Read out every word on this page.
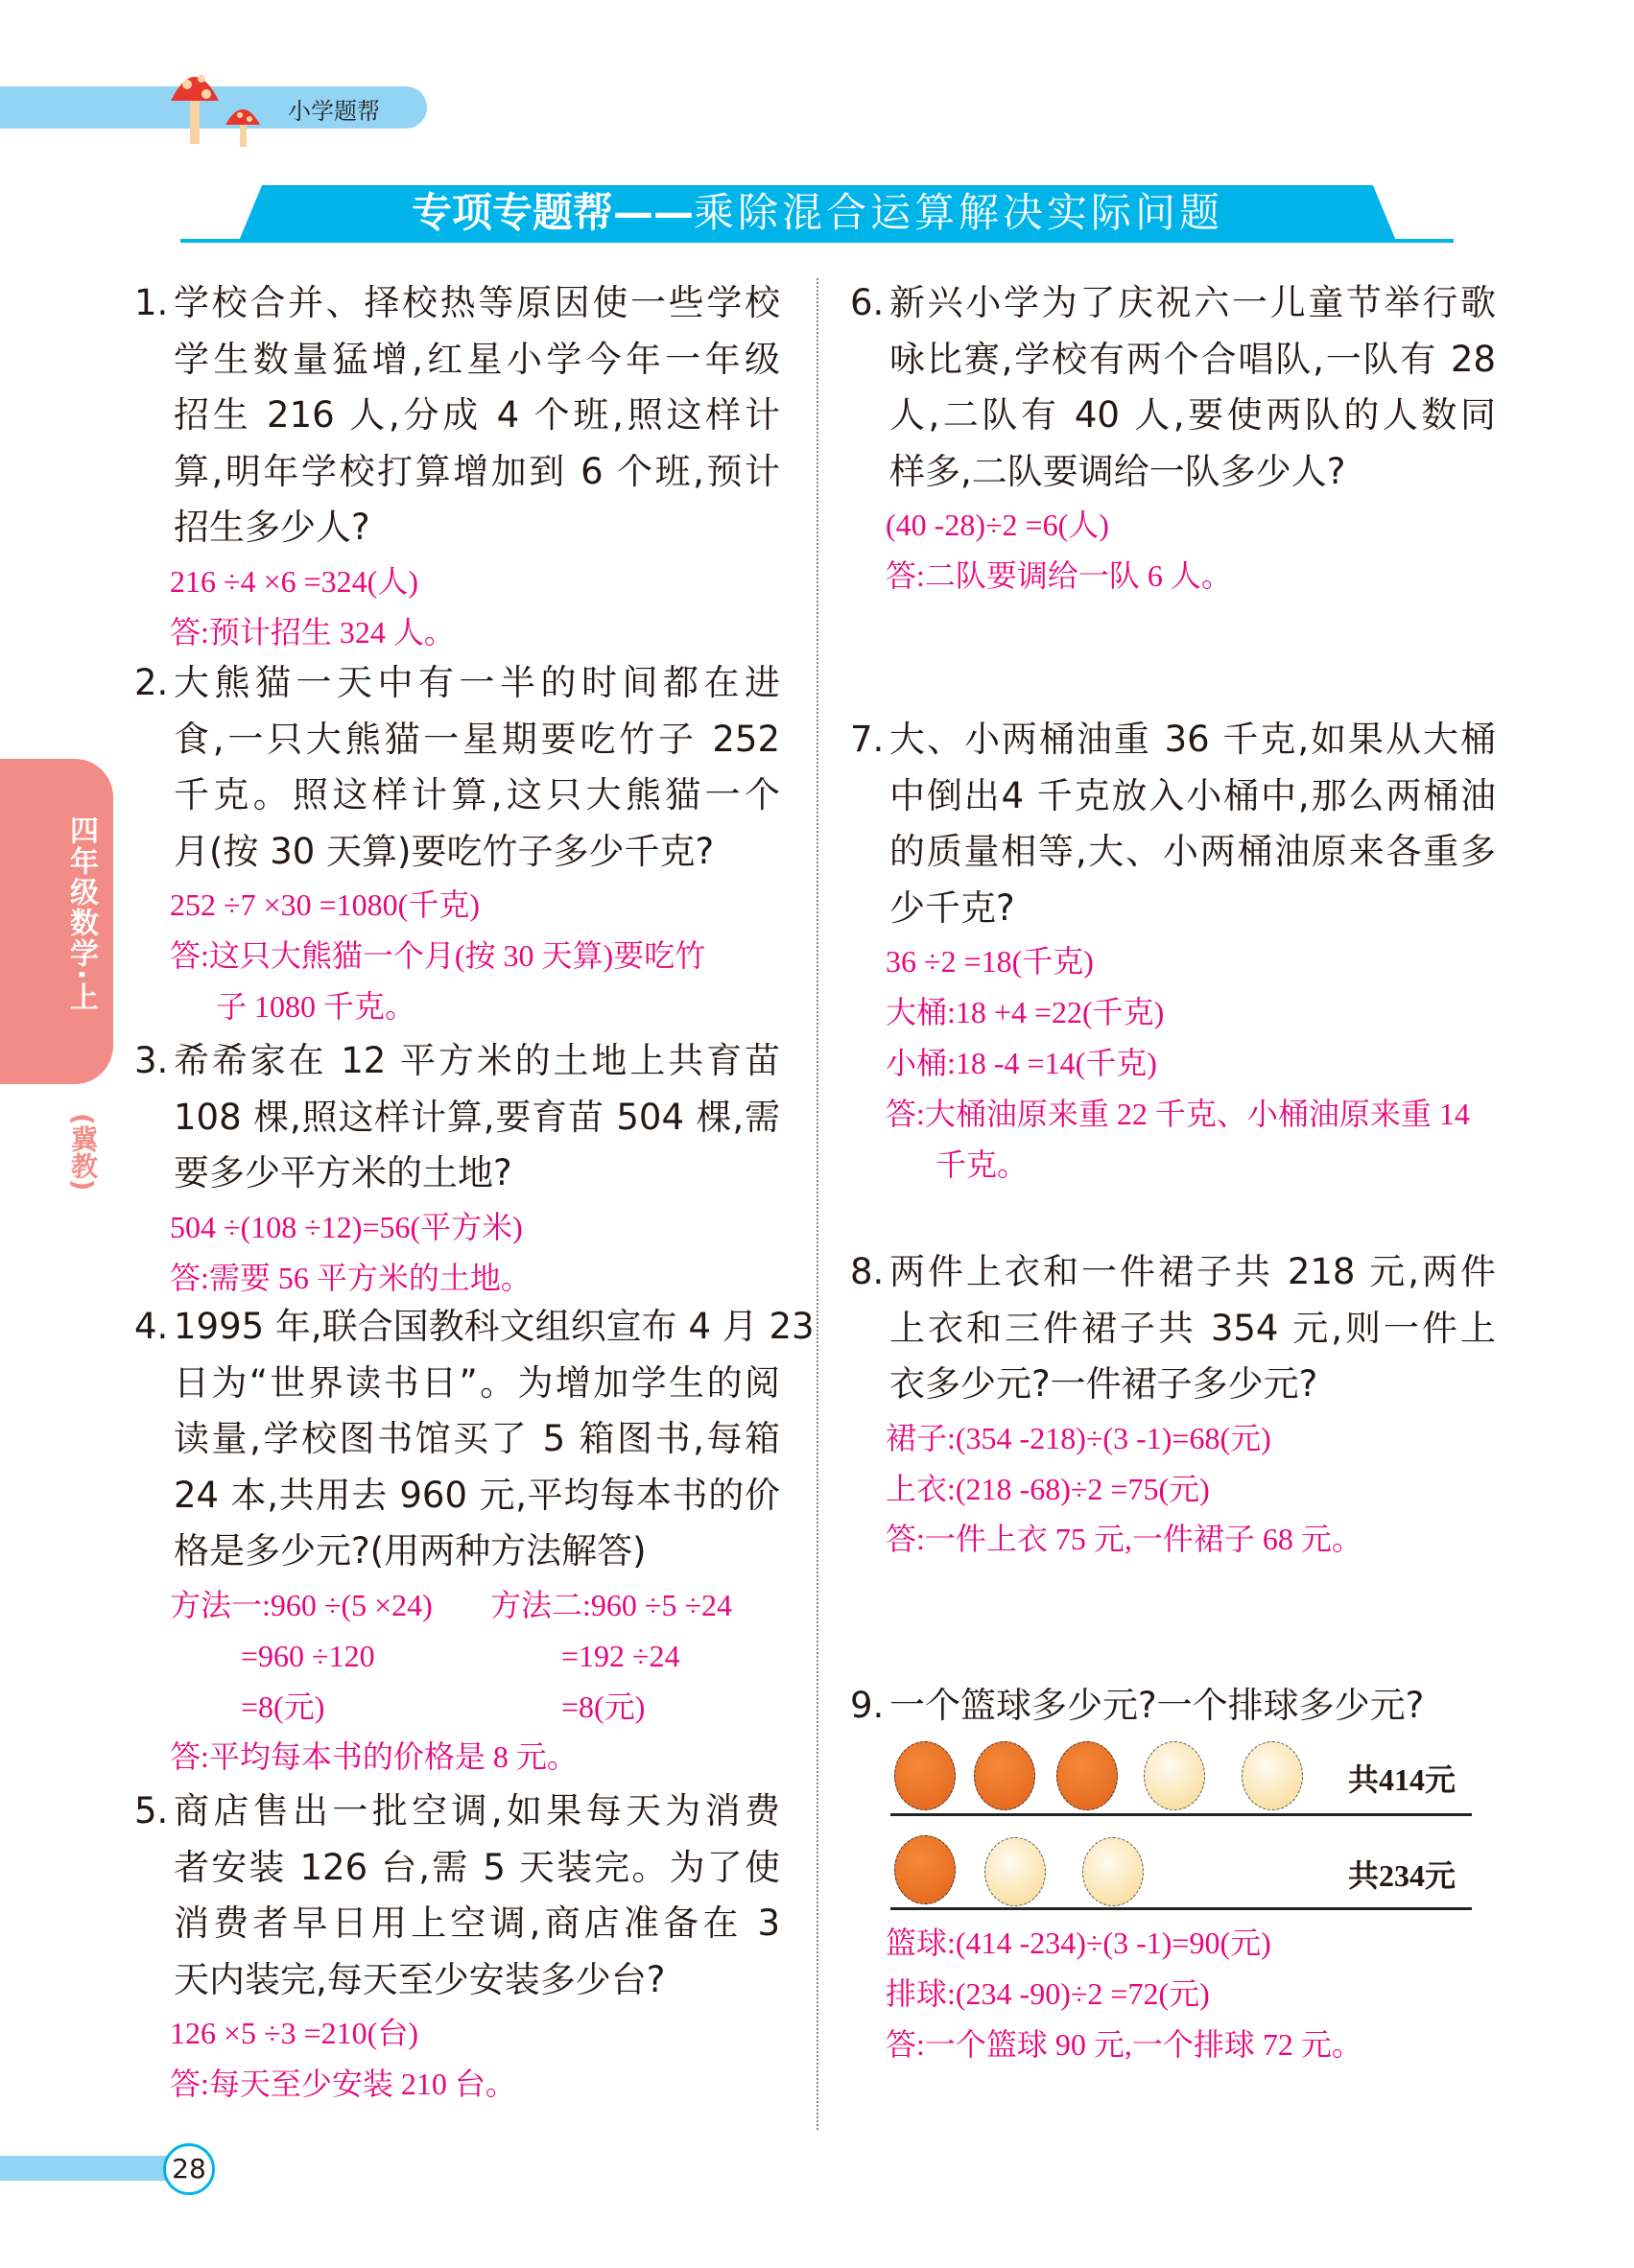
小学题帮
专项专题帮——乘除混合运算解决实际问题
四年级数学·上
(冀教)
1. 学校合并、择校热等原因使一些学校
学生数量猛增,红星小学今年一年级
招生 216 人,分成 4 个班,照这样计
算,明年学校打算增加到 6 个班,预计
招生多少人?
216 ÷4 ×6 =324(人)
答:预计招生 324 人。
2. 大熊猫一天中有一半的时间都在进
食,一只大熊猫一星期要吃竹子 252
千克。照这样计算,这只大熊猫一个
月(按 30 天算)要吃竹子多少千克?
252 ÷7 ×30 =1080(千克)
答:这只大熊猫一个月(按 30 天算)要吃竹
子 1080 千克。
3. 希希家在 12 平方米的土地上共育苗
108 棵,照这样计算,要育苗 504 棵,需
要多少平方米的土地?
504 ÷(108 ÷12)=56(平方米)
答:需要 56 平方米的土地。
4. 1995 年,联合国教科文组织宣布 4 月 23
日为“世界读书日”。为增加学生的阅
读量,学校图书馆买了 5 箱图书,每箱
24 本,共用去 960 元,平均每本书的价
格是多少元?(用两种方法解答)
方法一:960 ÷(5 ×24)
=960 ÷120
=8(元)
方法二:960 ÷5 ÷24
=192 ÷24
=8(元)
答:平均每本书的价格是 8 元。
5. 商店售出一批空调,如果每天为消费
者安装 126 台,需 5 天装完。为了使
消费者早日用上空调,商店准备在 3
天内装完,每天至少安装多少台?
126 ×5 ÷3 =210(台)
答:每天至少安装 210 台。
6. 新兴小学为了庆祝六一儿童节举行歌
咏比赛,学校有两个合唱队,一队有 28
人,二队有 40 人,要使两队的人数同
样多,二队要调给一队多少人?
(40 -28)÷2 =6(人)
答:二队要调给一队 6 人。
7. 大、小两桶油重 36 千克,如果从大桶
中倒出4 千克放入小桶中,那么两桶油
的质量相等,大、小两桶油原来各重多
少千克?
36 ÷2 =18(千克)
大桶:18 +4 =22(千克)
小桶:18 -4 =14(千克)
答:大桶油原来重 22 千克、小桶油原来重 14
千克。
8. 两件上衣和一件裙子共 218 元,两件
上衣和三件裙子共 354 元,则一件上
衣多少元?一件裙子多少元?
裙子:(354 -218)÷(3 -1)=68(元)
上衣:(218 -68)÷2 =75(元)
答:一件上衣 75 元,一件裙子 68 元。
9. 一个篮球多少元?一个排球多少元?
共414元
共234元
篮球:(414 -234)÷(3 -1)=90(元)
排球:(234 -90)÷2 =72(元)
答:一个篮球 90 元,一个排球 72 元。
28
